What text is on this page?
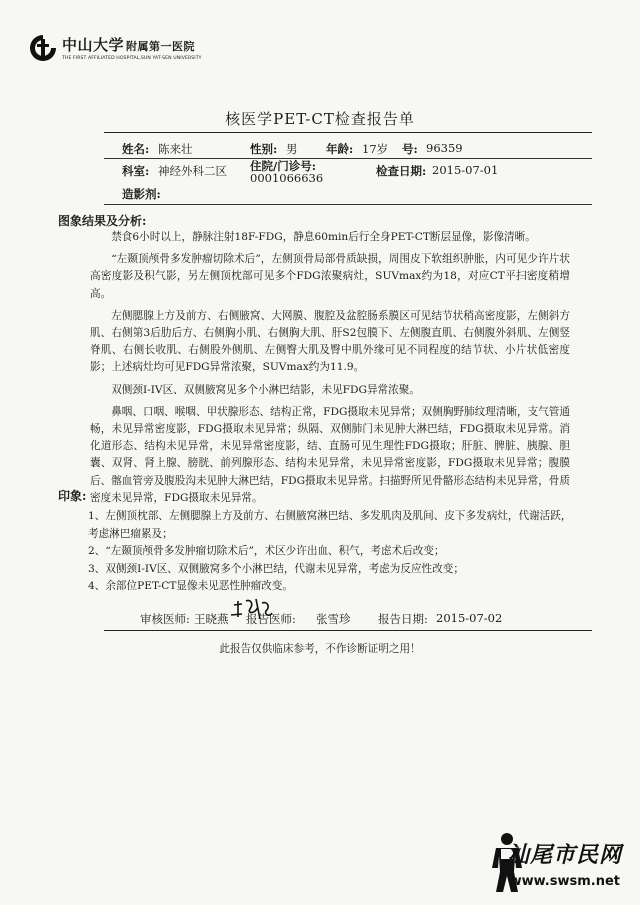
中山大学 附属第一医院
THE FIRST AFFILIATED HOSPITAL,SUN YAT-SEN UNIVERSITY
核医学PET-CT检查报告单
姓名: 陈来壮	性别: 男 年龄: 17岁 号: 96359
科室: 神经外科二区 住院/门诊号:
0001066636	检查日期: 2015-07-01
造影剂:
图象结果及分析:

禁食6小时以上，静脉注射18F-FDG，静息60min后行全身PET-CT断层显像，影像清晰。

“左颞顶颅骨多发肿瘤切除术后”，左侧顶骨局部骨质缺损，周围皮下软组织肿胀，内可见少许片状高密度影及积气影，另左侧顶枕部可见多个FDG浓聚病灶，SUVmax约为18，对应CT平扫密度稍增高。

左侧腮腺上方及前方、右侧腋窝、大网膜、腹腔及盆腔肠系膜区可见结节状稍高密度影，左侧斜方肌、右侧第3后肋后方、右侧胸小肌、右侧胸大肌、肝S2包膜下、左侧腹直肌、右侧腹外斜肌、左侧竖脊肌、右侧长收肌、右侧股外侧肌、左侧臀大肌及臀中肌外缘可见不同程度的结节状、小片状低密度影；上述病灶均可见FDG异常浓聚，SUVmax约为11.9。

双侧颈I-IV区、双侧腋窝见多个小淋巴结影，未见FDG异常浓聚。

鼻咽、口咽、喉咽、甲状腺形态、结构正常，FDG摄取未见异常；双侧胸野肺纹理清晰，支气管通畅，未见异常密度影，FDG摄取未见异常；纵隔、双侧肺门未见肿大淋巴结，FDG摄取未见异常。消化道形态、结构未见异常，未见异常密度影，结、直肠可见生理性FDG摄取；肝脏、脾脏、胰腺、胆囊、双肾、肾上腺、膀胱、前列腺形态、结构未见异常，未见异常密度影，FDG摄取未见异常；腹膜后、髂血管旁及腹股沟未见肿大淋巴结，FDG摄取未见异常。扫描野所见骨骼形态结构未见异常，骨质密度未见异常，FDG摄取未见异常。

印象:
1、左侧顶枕部、左侧腮腺上方及前方、右侧腋窝淋巴结、多发肌肉及肌间、皮下多发病灶，代谢活跃，考虑淋巴瘤累及；
2、“左颞顶颅骨多发肿瘤切除术后”，术区少许出血、积气，考虑术后改变；
3、双侧颈I-IV区、双侧腋窝多个小淋巴结，代谢未见异常，考虑为反应性改变；
4、余部位PET-CT显像未见恶性肿瘤改变。
审核医师: 王晓燕 报告医师: 张雪珍 报告日期: 2015-07-02
此报告仅供临床参考，不作诊断证明之用！
汕尾市民网
www.swsm.net
